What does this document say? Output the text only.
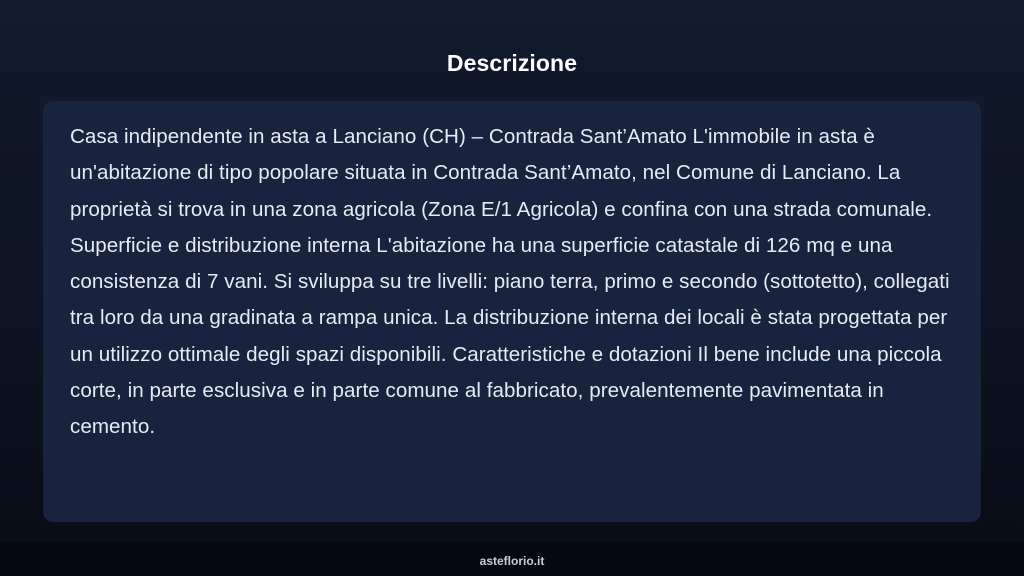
Descrizione

Casa indipendente in asta a Lanciano (CH) – Contrada Sant’Amato L'immobile in asta è un'abitazione di tipo popolare situata in Contrada Sant’Amato, nel Comune di Lanciano. La proprietà si trova in una zona agricola (Zona E/1 Agricola) e confina con una strada comunale. Superficie e distribuzione interna L'abitazione ha una superficie catastale di 126 mq e una consistenza di 7 vani. Si sviluppa su tre livelli: piano terra, primo e secondo (sottotetto), collegati tra loro da una gradinata a rampa unica. La distribuzione interna dei locali è stata progettata per un utilizzo ottimale degli spazi disponibili. Caratteristiche e dotazioni Il bene include una piccola corte, in parte esclusiva e in parte comune al fabbricato, prevalentemente pavimentata in cemento.

asteflorio.it
